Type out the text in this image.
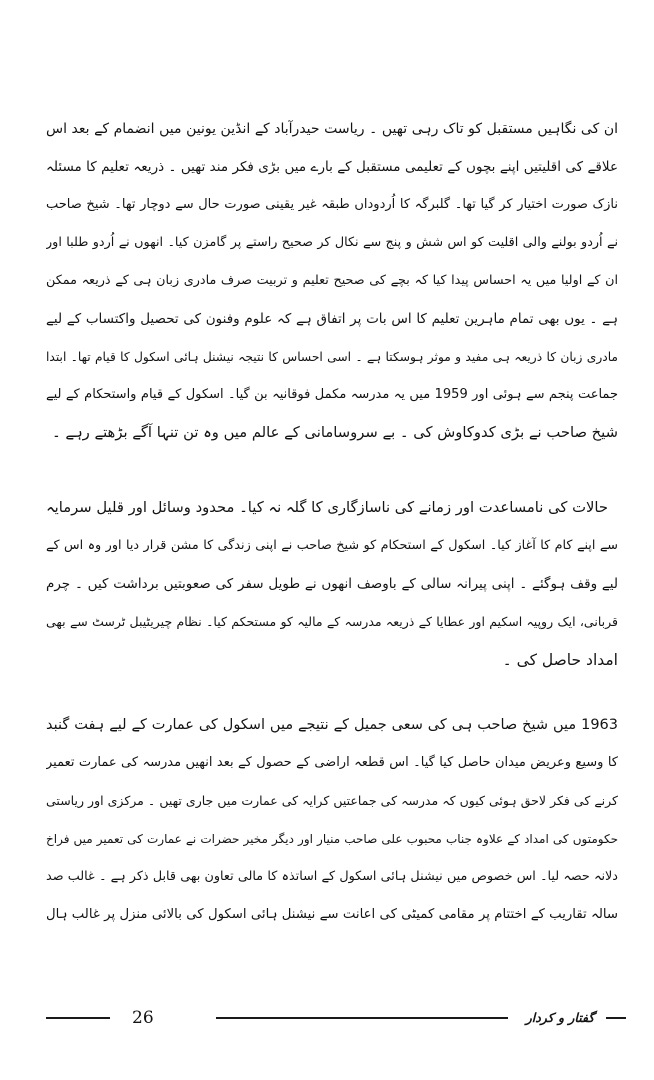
ان کی نگاہیں مستقبل کو تاک رہی تھیں ۔ ریاست حیدرآباد کے انڈین یونین میں انضمام کے بعد اس
علاقے کی اقلیتیں اپنے بچوں کے تعلیمی مستقبل کے بارے میں بڑی فکر مند تھیں ۔ ذریعہ تعلیم کا مسئلہ
نازک صورت اختیار کر گیا تھا۔ گلبرگہ کا اُردوداں طبقہ غیر یقینی صورت حال سے دوچار تھا۔ شیخ صاحب
نے اُردو بولنے والی اقلیت کو اس شش و پنج سے نکال کر صحیح راستے پر گامزن کیا۔ انھوں نے اُردو طلبا اور
ان کے اولیا میں یہ احساس پیدا کیا کہ بچے کی صحیح تعلیم و تربیت صرف مادری زبان ہی کے ذریعہ ممکن
ہے ۔ یوں بھی تمام ماہرین تعلیم کا اس بات پر اتفاق ہے کہ علوم وفنون کی تحصیل واکتساب کے لیے
مادری زبان کا ذریعہ ہی مفید و موثر ہوسکتا ہے ۔ اسی احساس کا نتیجہ نیشنل ہائی اسکول کا قیام تھا۔ ابتدا
جماعت پنجم سے ہوئی اور 1959 میں یہ مدرسہ مکمل فوقانیہ بن گیا۔ اسکول کے قیام واستحکام کے لیے
شیخ صاحب نے بڑی کدوکاوش کی ۔ بے سروسامانی کے عالم میں وہ تن تنہا آگے بڑھتے رہے ۔
حالات کی نامساعدت اور زمانے کی ناسازگاری کا گلہ نہ کیا۔ محدود وسائل اور قلیل سرمایہ
سے اپنے کام کا آغاز کیا۔ اسکول کے استحکام کو شیخ صاحب نے اپنی زندگی کا مشن قرار دیا اور وہ اس کے
لیے وقف ہوگئے ۔ اپنی پیرانہ سالی کے باوصف انھوں نے طویل سفر کی صعوبتیں برداشت کیں ۔ چرم
قربانی، ایک روپیہ اسکیم اور عطایا کے ذریعہ مدرسہ کے مالیہ کو مستحکم کیا۔ نظام چیریٹیبل ٹرسٹ سے بھی
امداد حاصل کی ۔
1963 میں شیخ صاحب ہی کی سعی جمیل کے نتیجے میں اسکول کی عمارت کے لیے ہفت گنبد
کا وسیع وعریض میدان حاصل کیا گیا۔ اس قطعہ اراضی کے حصول کے بعد انھیں مدرسہ کی عمارت تعمیر
کرنے کی فکر لاحق ہوئی کیوں کہ مدرسہ کی جماعتیں کرایہ کی عمارت میں جاری تھیں ۔ مرکزی اور ریاستی
حکومتوں کی امداد کے علاوہ جناب محبوب علی صاحب منیار اور دیگر مخیر حضرات نے عمارت کی تعمیر میں فراخ
دلانہ حصہ لیا۔ اس خصوص میں نیشنل ہائی اسکول کے اساتذہ کا مالی تعاون بھی قابل ذکر ہے ۔ غالب صد
سالہ تقاریب کے اختتام پر مقامی کمیٹی کی اعانت سے نیشنل ہائی اسکول کی بالائی منزل پر غالب ہال
26	گفتار و کردار
